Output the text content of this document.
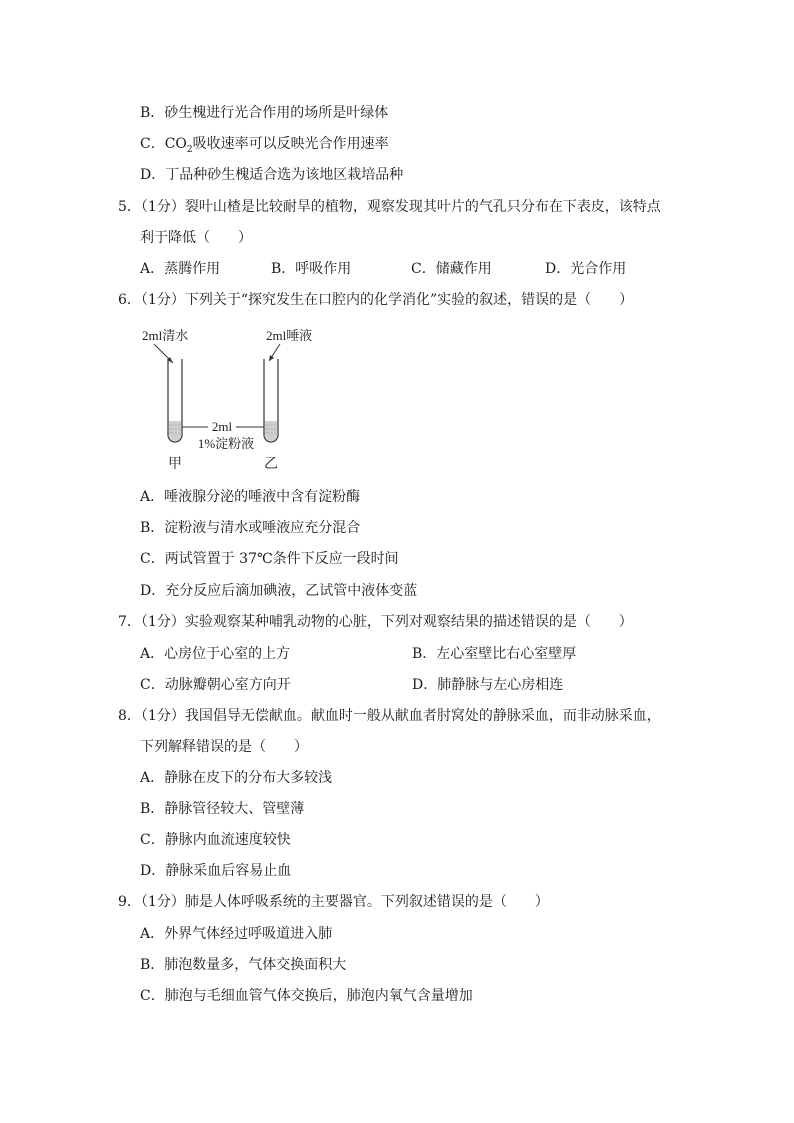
B．砂生槐进行光合作用的场所是叶绿体
C．$CO_2$吸收速率可以反映光合作用速率
D．丁品种砂生槐适合选为该地区栽培品种
5．（1分）裂叶山楂是比较耐旱的植物，观察发现其叶片的气孔只分布在下表皮，该特点
利于降低（　　）
A．蒸腾作用	B．呼吸作用	C．储藏作用	D．光合作用
6．（1分）下列关于“探究发生在口腔内的化学消化”实验的叙述，错误的是（　　）
2ml清水	2ml唾液
2ml
1%淀粉液
甲	乙
A．唾液腺分泌的唾液中含有淀粉酶
B．淀粉液与清水或唾液应充分混合
C．两试管置于 37℃条件下反应一段时间
D．充分反应后滴加碘液，乙试管中液体变蓝
7．（1分）实验观察某种哺乳动物的心脏，下列对观察结果的描述错误的是（　　）
A．心房位于心室的上方	B．左心室壁比右心室壁厚
C．动脉瓣朝心室方向开	D．肺静脉与左心房相连
8．（1分）我国倡导无偿献血。献血时一般从献血者肘窝处的静脉采血，而非动脉采血，
下列解释错误的是（　　）
A．静脉在皮下的分布大多较浅
B．静脉管径较大、管壁薄
C．静脉内血流速度较快
D．静脉采血后容易止血
9．（1分）肺是人体呼吸系统的主要器官。下列叙述错误的是（　　）
A．外界气体经过呼吸道进入肺
B．肺泡数量多，气体交换面积大
C．肺泡与毛细血管气体交换后，肺泡内氧气含量增加
